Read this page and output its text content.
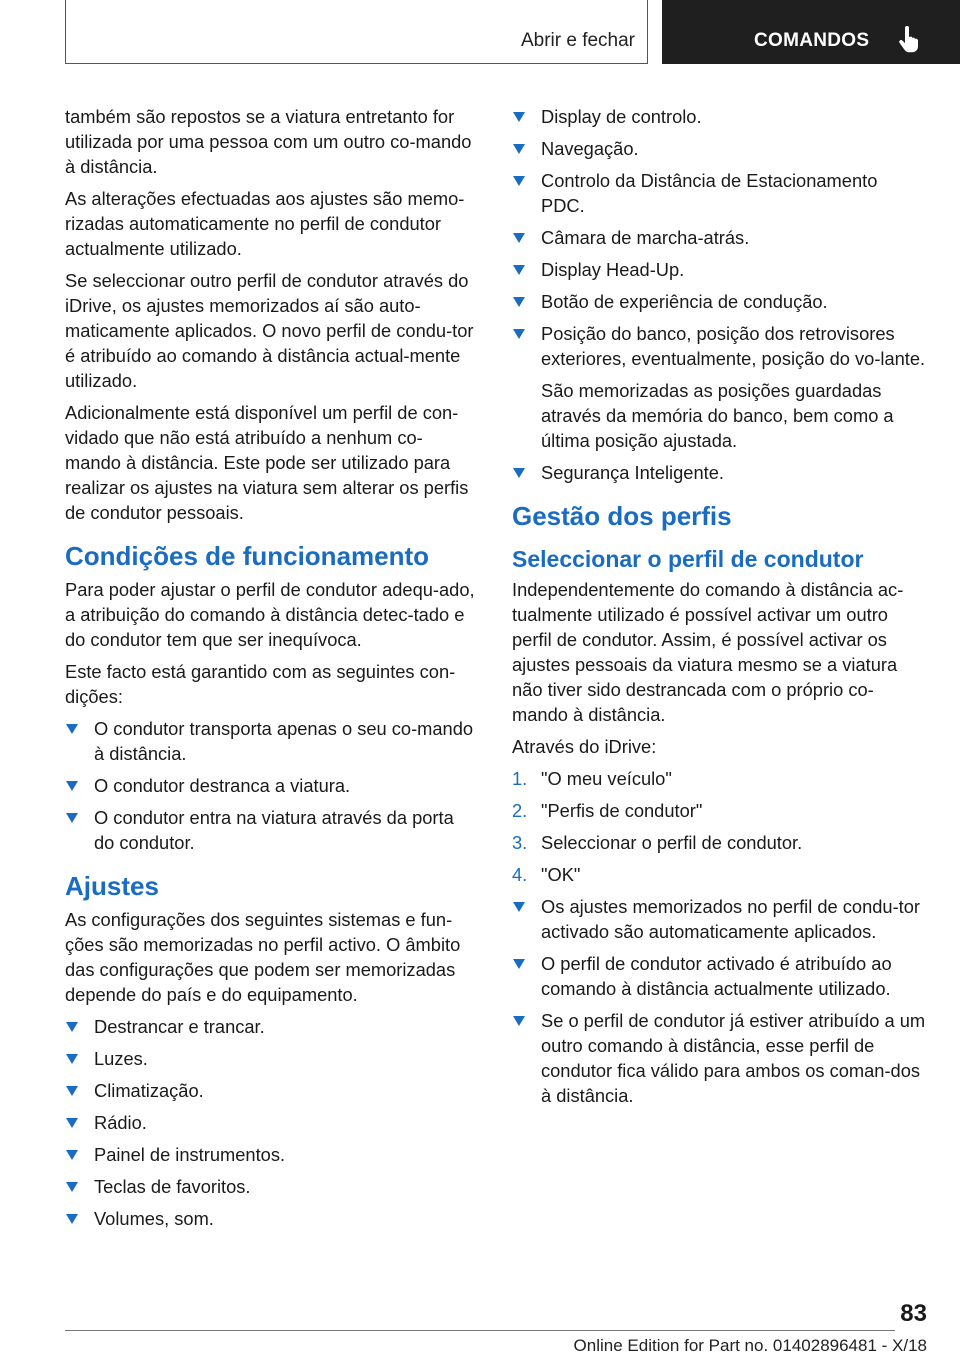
Abrir e fechar	COMANDOS

também são repostos se a viatura entretanto for utilizada por uma pessoa com um outro co-mando à distância.

As alterações efectuadas aos ajustes são memo-rizadas automaticamente no perfil de condutor actualmente utilizado.

Se seleccionar outro perfil de condutor através do iDrive, os ajustes memorizados aí são auto-maticamente aplicados. O novo perfil de condu-tor é atribuído ao comando à distância actual-mente utilizado.

Adicionalmente está disponível um perfil de con-vidado que não está atribuído a nenhum co-mando à distância. Este pode ser utilizado para realizar os ajustes na viatura sem alterar os perfis de condutor pessoais.

Condições de funcionamento

Para poder ajustar o perfil de condutor adequ-ado, a atribuição do comando à distância detec-tado e do condutor tem que ser inequívoca.

Este facto está garantido com as seguintes con-dições:

O condutor transporta apenas o seu co-mando à distância.
O condutor destranca a viatura.
O condutor entra na viatura através da porta do condutor.
Ajustes

As configurações dos seguintes sistemas e fun-ções são memorizadas no perfil activo. O âmbito das configurações que podem ser memorizadas depende do país e do equipamento.

Destrancar e trancar.
Luzes.
Climatização.
Rádio.
Painel de instrumentos.
Teclas de favoritos.
Volumes, som.
Display de controlo.
Navegação.
Controlo da Distância de Estacionamento PDC.
Câmara de marcha-atrás.
Display Head-Up.
Botão de experiência de condução.
Posição do banco, posição dos retrovisores exteriores, eventualmente, posição do vo-lante.
São memorizadas as posições guardadas através da memória do banco, bem como a última posição ajustada.
Segurança Inteligente.
Gestão dos perfis
Seleccionar o perfil de condutor

Independentemente do comando à distância ac-tualmente utilizado é possível activar um outro perfil de condutor. Assim, é possível activar os ajustes pessoais da viatura mesmo se a viatura não tiver sido destrancada com o próprio co-mando à distância.

Através do iDrive:

1. "O meu veículo"
2. "Perfis de condutor"
3. Seleccionar o perfil de condutor.
4. "OK"
Os ajustes memorizados no perfil de condu-tor activado são automaticamente aplicados.
O perfil de condutor activado é atribuído ao comando à distância actualmente utilizado.
Se o perfil de condutor já estiver atribuído a um outro comando à distância, esse perfil de condutor fica válido para ambos os coman-dos à distância.
83
Online Edition for Part no. 01402896481 - X/18
